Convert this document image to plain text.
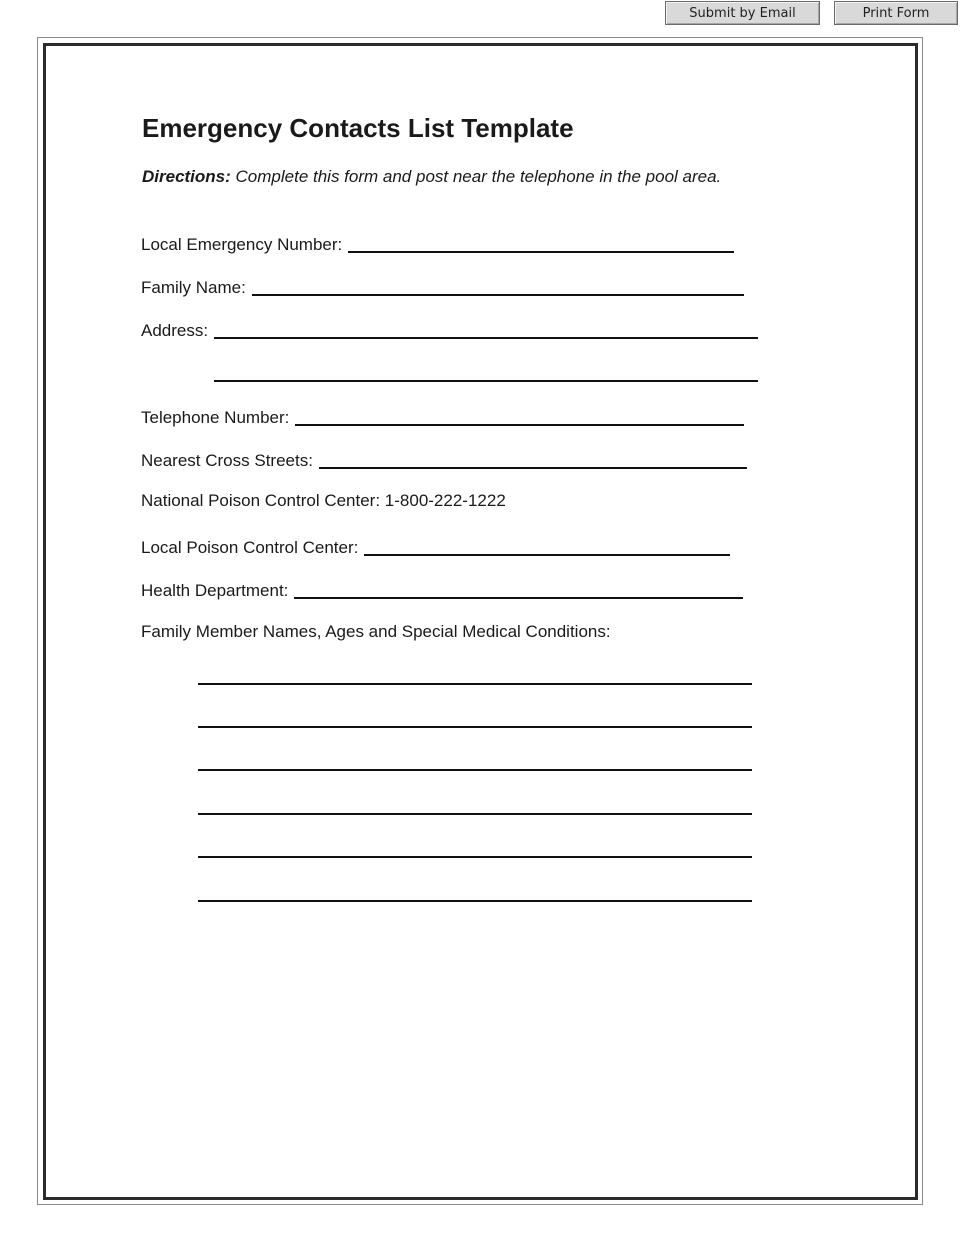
Submit by Email	Print Form
Emergency Contacts List Template
Directions: Complete this form and post near the telephone in the pool area.
Local Emergency Number:
Family Name:
Address:
Telephone Number:
Nearest Cross Streets:
National Poison Control Center: 1-800-222-1222
Local Poison Control Center:
Health Department:
Family Member Names, Ages and Special Medical Conditions:
